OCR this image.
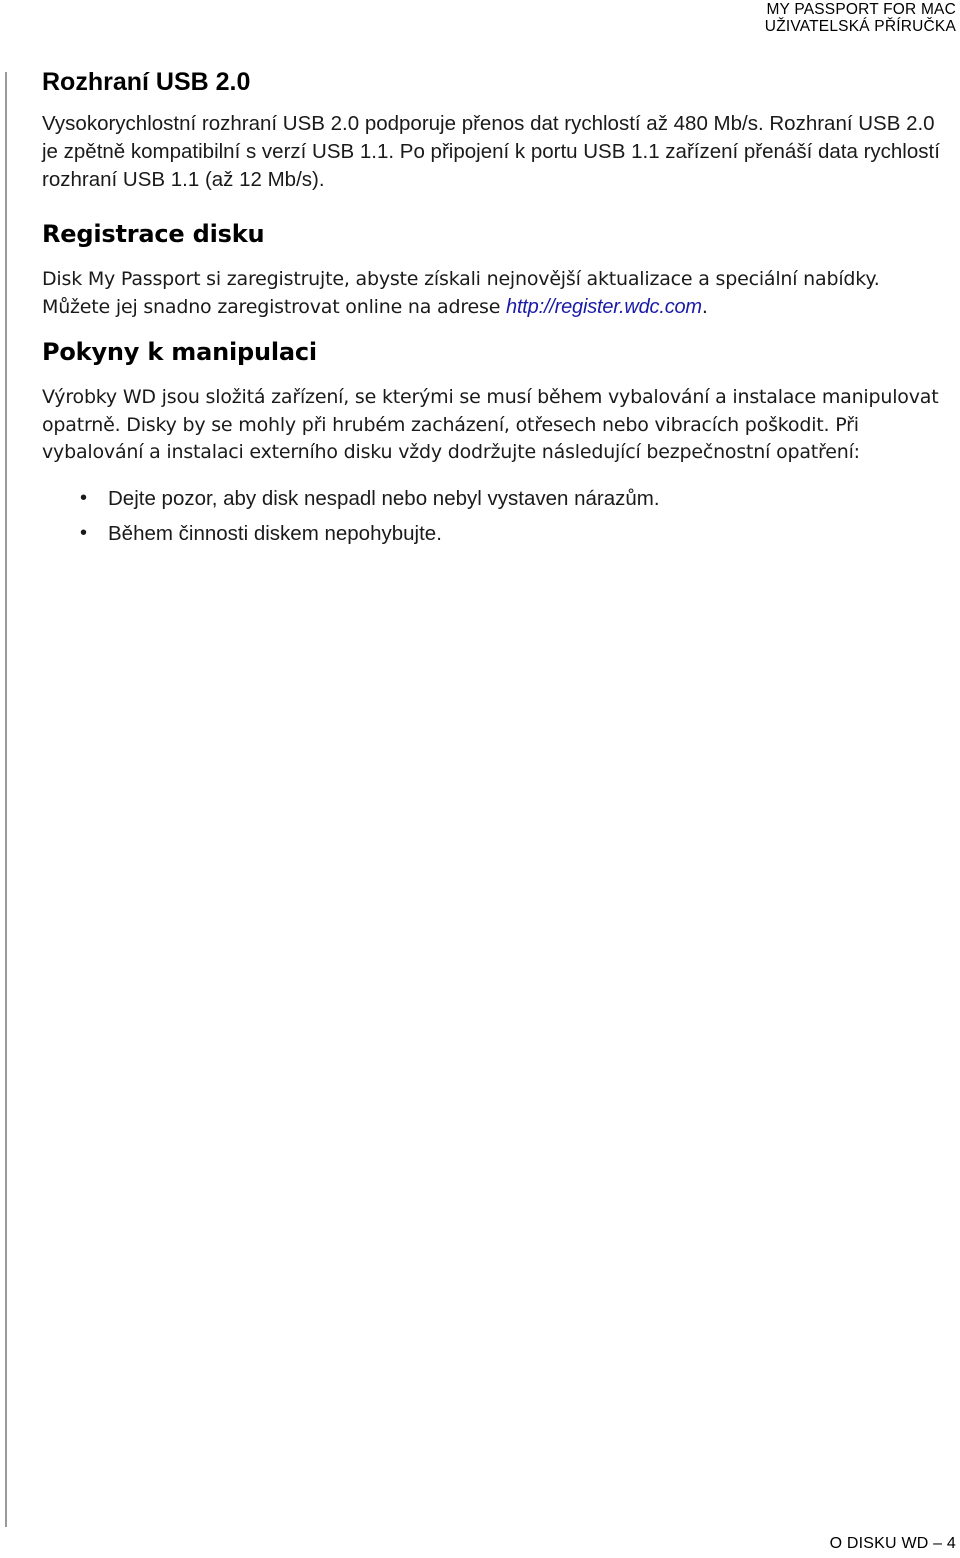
MY PASSPORT FOR MAC
UŽIVATELSKÁ PŘÍRUČKA
Rozhraní USB 2.0

Vysokorychlostní rozhraní USB 2.0 podporuje přenos dat rychlostí až 480 Mb/s. Rozhraní USB 2.0 je zpětně kompatibilní s verzí USB 1.1. Po připojení k portu USB 1.1 zařízení přenáší data rychlostí rozhraní USB 1.1 (až 12 Mb/s).

Registrace disku

Disk My Passport si zaregistrujte, abyste získali nejnovější aktualizace a speciální nabídky. Můžete jej snadno zaregistrovat online na adrese http://register.wdc.com.

Pokyny k manipulaci

Výrobky WD jsou složitá zařízení, se kterými se musí během vybalování a instalace manipulovat opatrně. Disky by se mohly při hrubém zacházení, otřesech nebo vibracích poškodit. Při vybalování a instalaci externího disku vždy dodržujte následující bezpečnostní opatření:

• Dejte pozor, aby disk nespadl nebo nebyl vystaven nárazům.
• Během činnosti diskem nepohybujte.
O DISKU WD – 4
